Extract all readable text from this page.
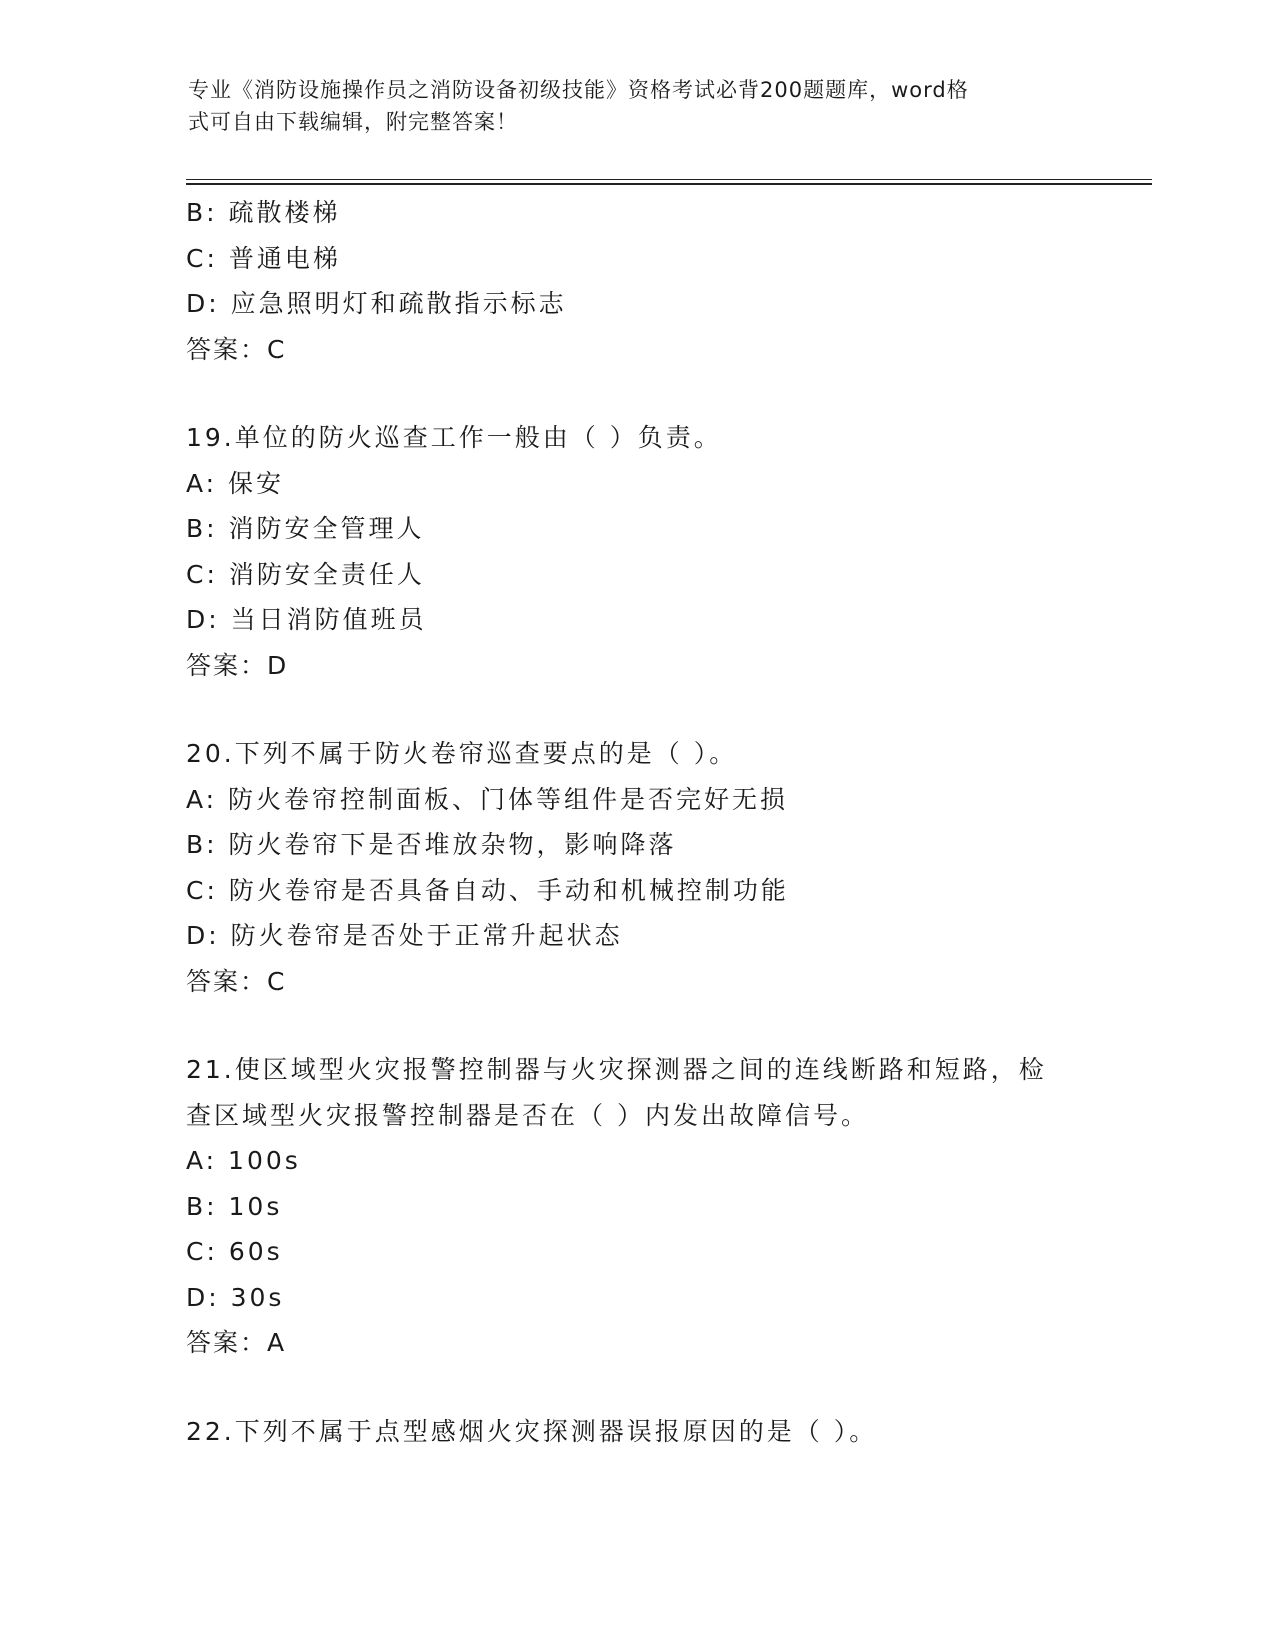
专业《消防设施操作员之消防设备初级技能》资格考试必背200题题库，word格
式可自由下载编辑，附完整答案！
B: 疏散楼梯
C: 普通电梯
D: 应急照明灯和疏散指示标志
答案：C
19.单位的防火巡查工作一般由（ ）负责。
A: 保安
B: 消防安全管理人
C: 消防安全责任人
D: 当日消防值班员
答案：D
20.下列不属于防火卷帘巡查要点的是（ ）。
A: 防火卷帘控制面板、门体等组件是否完好无损
B: 防火卷帘下是否堆放杂物，影响降落
C: 防火卷帘是否具备自动、手动和机械控制功能
D: 防火卷帘是否处于正常升起状态
答案：C
21.使区域型火灾报警控制器与火灾探测器之间的连线断路和短路，检
查区域型火灾报警控制器是否在（ ）内发出故障信号。
A: 100s
B: 10s
C: 60s
D: 30s
答案：A
22.下列不属于点型感烟火灾探测器误报原因的是（ ）。
